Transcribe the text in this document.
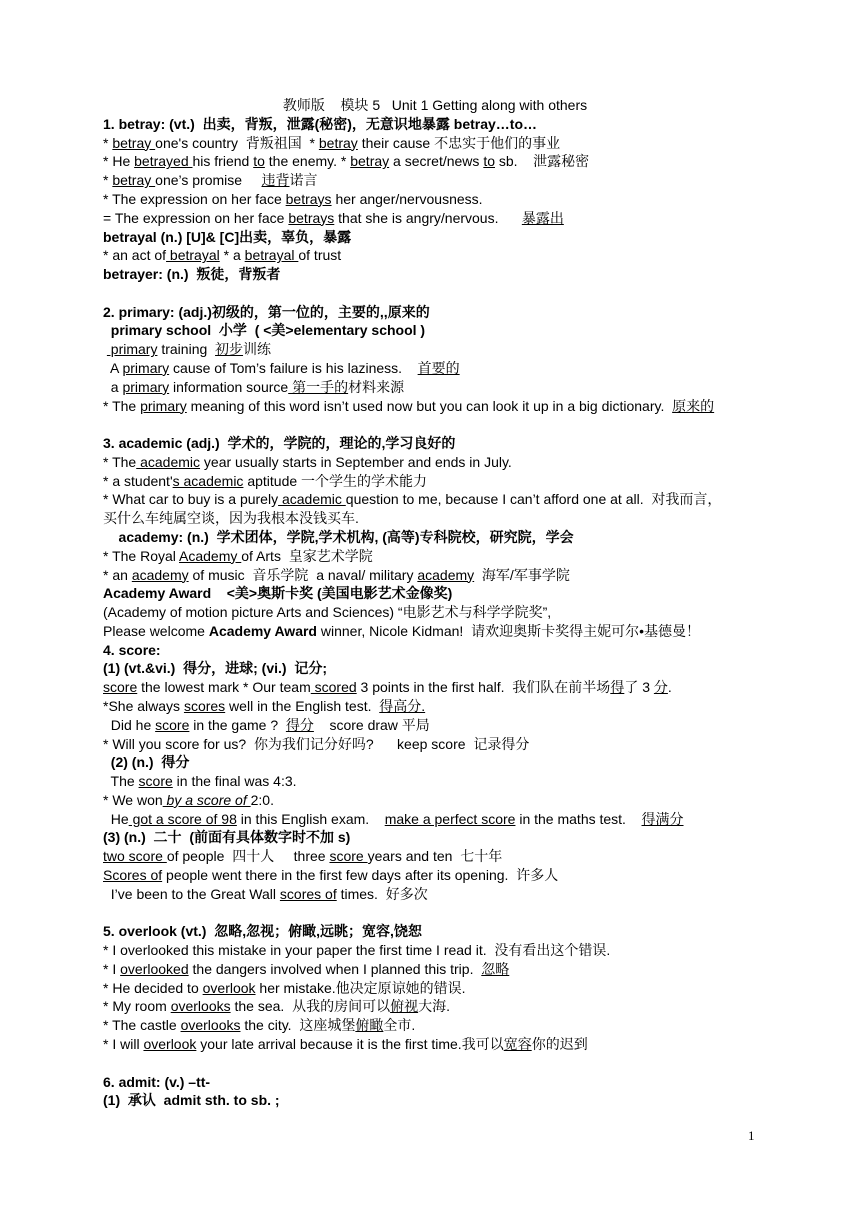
1
教师版    模块 5   Unit 1 Getting along with others
1. betray: (vt.)  出卖，背叛，泄露(秘密)，无意识地暴露 betray…to…
* betray one's country  背叛祖国  * betray their cause 不忠实于他们的事业
* He betrayed his friend to the enemy. * betray a secret/news to sb.    泄露秘密
* betray one’s promise     违背诺言
* The expression on her face betrays her anger/nervousness.
= The expression on her face betrays that she is angry/nervous.      暴露出
betrayal (n.) [U]& [C]出卖，辜负，暴露
* an act of betrayal * a betrayal of trust
betrayer: (n.)  叛徒，背叛者
2. primary: (adj.)初级的，第一位的，主要的,,原来的
primary school  小学  ( <美>elementary school )
primary training  初步训练
A primary cause of Tom’s failure is his laziness.    首要的
a primary information source 第一手的材料来源
* The primary meaning of this word isn’t used now but you can look it up in a big dictionary.  原来的
3. academic (adj.)  学术的，学院的，理论的,学习良好的
* The academic year usually starts in September and ends in July.
* a student's academic aptitude 一个学生的学术能力
* What car to buy is a purely academic question to me, because I can’t afford one at all.  对我而言，
买什么车纯属空谈，因为我根本没钱买车.
academy: (n.)  学术团体，学院,学术机构, (高等)专科院校，研究院，学会
* The Royal Academy of Arts  皇家艺术学院
* an academy of music  音乐学院  a naval/ military academy  海军/军事学院
Academy Award    <美>奥斯卡奖 (美国电影艺术金像奖)
(Academy of motion picture Arts and Sciences) “电影艺术与科学学院奖”,
Please welcome Academy Award winner, Nicole Kidman!  请欢迎奥斯卡奖得主妮可尔•基德曼！
4. score:
(1) (vt.&vi.)  得分，进球; (vi.)  记分;
score the lowest mark * Our team scored 3 points in the first half.  我们队在前半场得了 3 分.
*She always scores well in the English test.  得高分.
Did he score in the game ?  得分    score draw 平局
* Will you score for us?  你为我们记分好吗?      keep score  记录得分
(2) (n.)  得分
The score in the final was 4:3.
* We won by a score of 2:0.
He got a score of 98 in this English exam.    make a perfect score in the maths test.    得满分
(3) (n.)  二十  (前面有具体数字时不加 s)
two score of people  四十人     three score years and ten  七十年
Scores of people went there in the first few days after its opening.  许多人
I’ve been to the Great Wall scores of times.  好多次
5. overlook (vt.)  忽略,忽视；俯瞰,远眺；宽容,饶恕
* I overlooked this mistake in your paper the first time I read it.  没有看出这个错误.
* I overlooked the dangers involved when I planned this trip.  忽略
* He decided to overlook her mistake.他决定原谅她的错误.
* My room overlooks the sea.  从我的房间可以俯视大海.
* The castle overlooks the city.  这座城堡俯瞰全市.
* I will overlook your late arrival because it is the first time.我可以宽容你的迟到
6. admit: (v.) –tt-
(1)  承认  admit sth. to sb. ;
